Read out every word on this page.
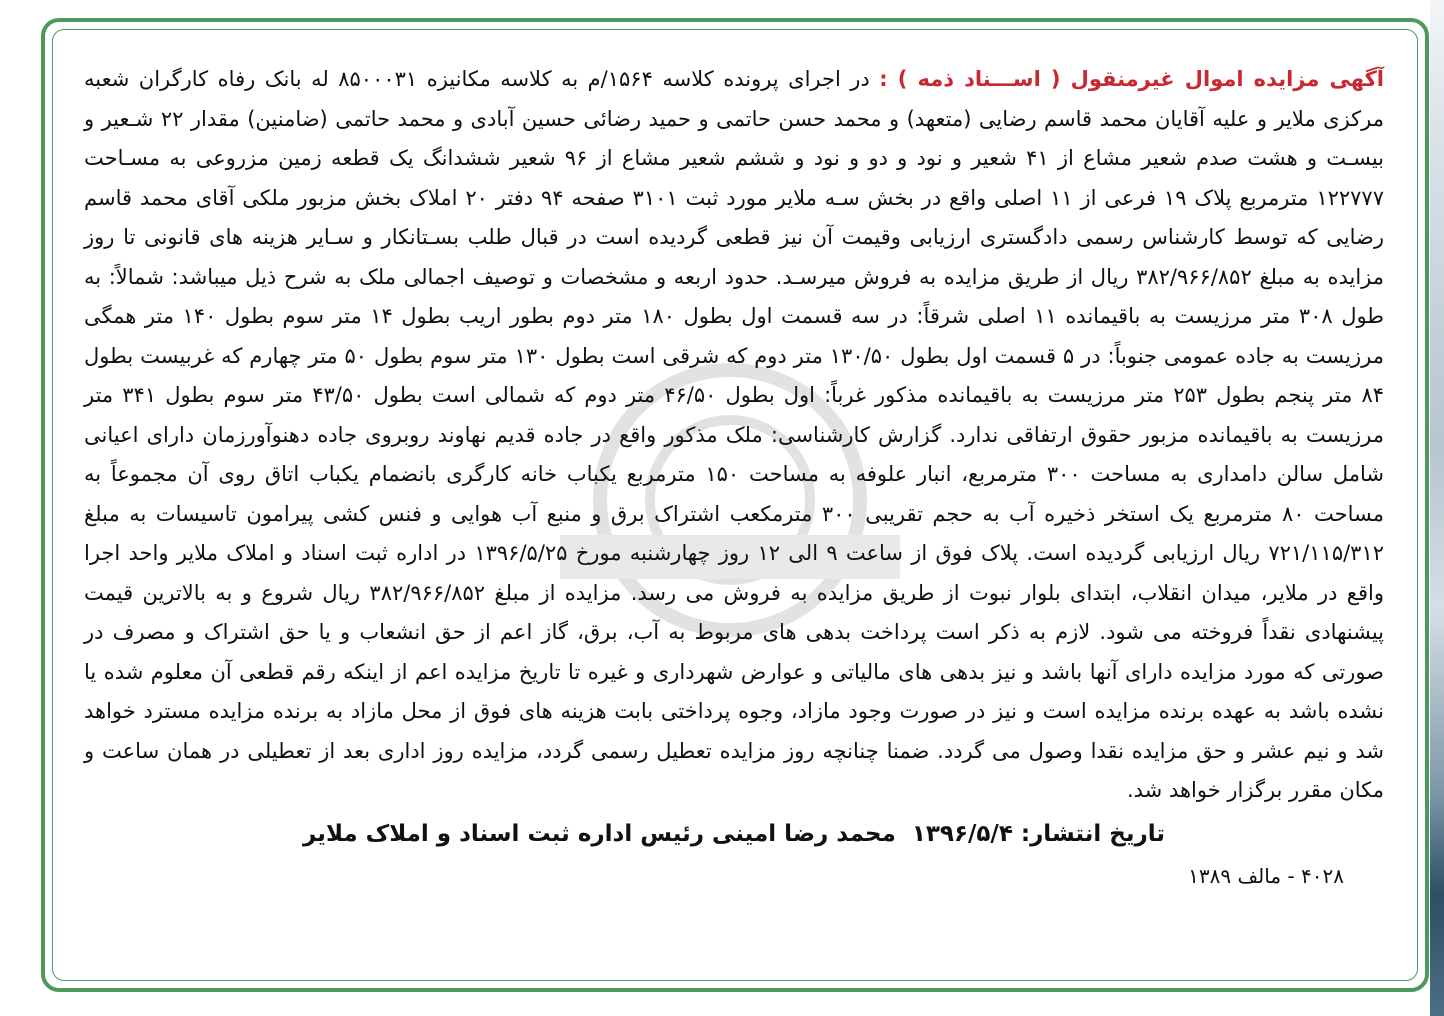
آگهی مزایده اموال غیرمنقول ( اســـناد ذمه ) : در اجرای پرونده کلاسه ۱۵۶۴/م به کلاسه مکانیزه ۸۵۰۰۰۳۱ له بانک رفاه کارگران شعبه مرکزی ملایر و علیه آقایان محمد قاسم رضایی (متعهد) و محمد حسن حاتمی و حمید رضائی حسین آبادی و محمد حاتمی (ضامنین) مقدار ۲۲ شـعیر و بیسـت و هشت صدم شعیر مشاع از ۴۱ شعیر و نود و دو و نود و ششم شعیر مشاع از ۹۶ شعیر ششدانگ یک قطعه زمین مزروعی به مسـاحت ۱۲۲۷۷۷ مترمربع پلاک ۱۹ فرعی از ۱۱ اصلی واقع در بخش سـه ملایر مورد ثبت ۳۱۰۱ صفحه ۹۴ دفتر ۲۰ املاک بخش مزبور ملکی آقای محمد قاسم رضایی که توسط کارشناس رسمی دادگستری ارزیابی وقیمت آن نیز قطعی گردیده است در قبال طلب بسـتانکار و سـایر هزینه های قانونی تا روز مزایده به مبلغ ۳۸۲/۹۶۶/۸۵۲ ریال از طریق مزایده به فروش میرسـد. حدود اربعه و مشخصات و توصیف اجمالی ملک به شرح ذیل میباشد: شمالاً: به طول ۳۰۸ متر مرزیست به باقیمانده ۱۱ اصلی شرقاً: در سه قسمت اول بطول ۱۸۰ متر دوم بطور اریب بطول ۱۴ متر سوم بطول ۱۴۰ متر همگی مرزیست به جاده عمومی جنوباً: در ۵ قسمت اول بطول ۱۳۰/۵۰ متر دوم که شرقی است بطول ۱۳۰ متر سوم بطول ۵۰ متر چهارم که غربیست بطول ۸۴ متر پنجم بطول ۲۵۳ متر مرزیست به باقیمانده مذکور غرباً: اول بطول ۴۶/۵۰ متر دوم که شمالی است بطول ۴۳/۵۰ متر سوم بطول ۳۴۱ متر مرزیست به باقیمانده مزبور حقوق ارتفاقی ندارد. گزارش کارشناسی: ملک مذکور واقع در جاده قدیم نهاوند روبروی جاده دهنوآورزمان دارای اعیانی شامل سالن دامداری به مساحت ۳۰۰ مترمربع، انبار علوفه به مساحت ۱۵۰ مترمربع یکباب خانه کارگری بانضمام یکباب اتاق روی آن مجموعاً به مساحت ۸۰ مترمربع یک استخر ذخیره آب به حجم تقریبی ۳۰۰ مترمکعب اشتراک برق و منبع آب هوایی و فنس کشی پیرامون تاسیسات به مبلغ ۷۲۱/۱۱۵/۳۱۲ ریال ارزیابی گردیده است. پلاک فوق از ساعت ۹ الی ۱۲ روز چهارشنبه مورخ ۱۳۹۶/۵/۲۵ در اداره ثبت اسناد و املاک ملایر واحد اجرا واقع در ملایر، میدان انقلاب، ابتدای بلوار نبوت از طریق مزایده به فروش می رسد. مزایده از مبلغ ۳۸۲/۹۶۶/۸۵۲ ریال شروع و به بالاترین قیمت پیشنهادی نقداً فروخته می شود. لازم به ذکر است پرداخت بدهی های مربوط به آب، برق، گاز اعم از حق انشعاب و یا حق اشتراک و مصرف در صورتی که مورد مزایده دارای آنها باشد و نیز بدهی های مالیاتی و عوارض شهرداری و غیره تا تاریخ مزایده اعم از اینکه رقم قطعی آن معلوم شده یا نشده باشد به عهده برنده مزایده است و نیز در صورت وجود مازاد، وجوه پرداختی بابت هزینه های فوق از محل مازاد به برنده مزایده مسترد خواهد شد و نیم عشر و حق مزایده نقدا وصول می گردد. ضمنا چنانچه روز مزایده تعطیل رسمی گردد، مزایده روز اداری بعد از تعطیلی در همان ساعت و مکان مقرر برگزار خواهد شد.

تاریخ انتشار: ۱۳۹۶/۵/۴ محمد رضا امینی رئیس اداره ثبت اسناد و املاک ملایر
۴۰۲۸ - مالف ۱۳۸۹
